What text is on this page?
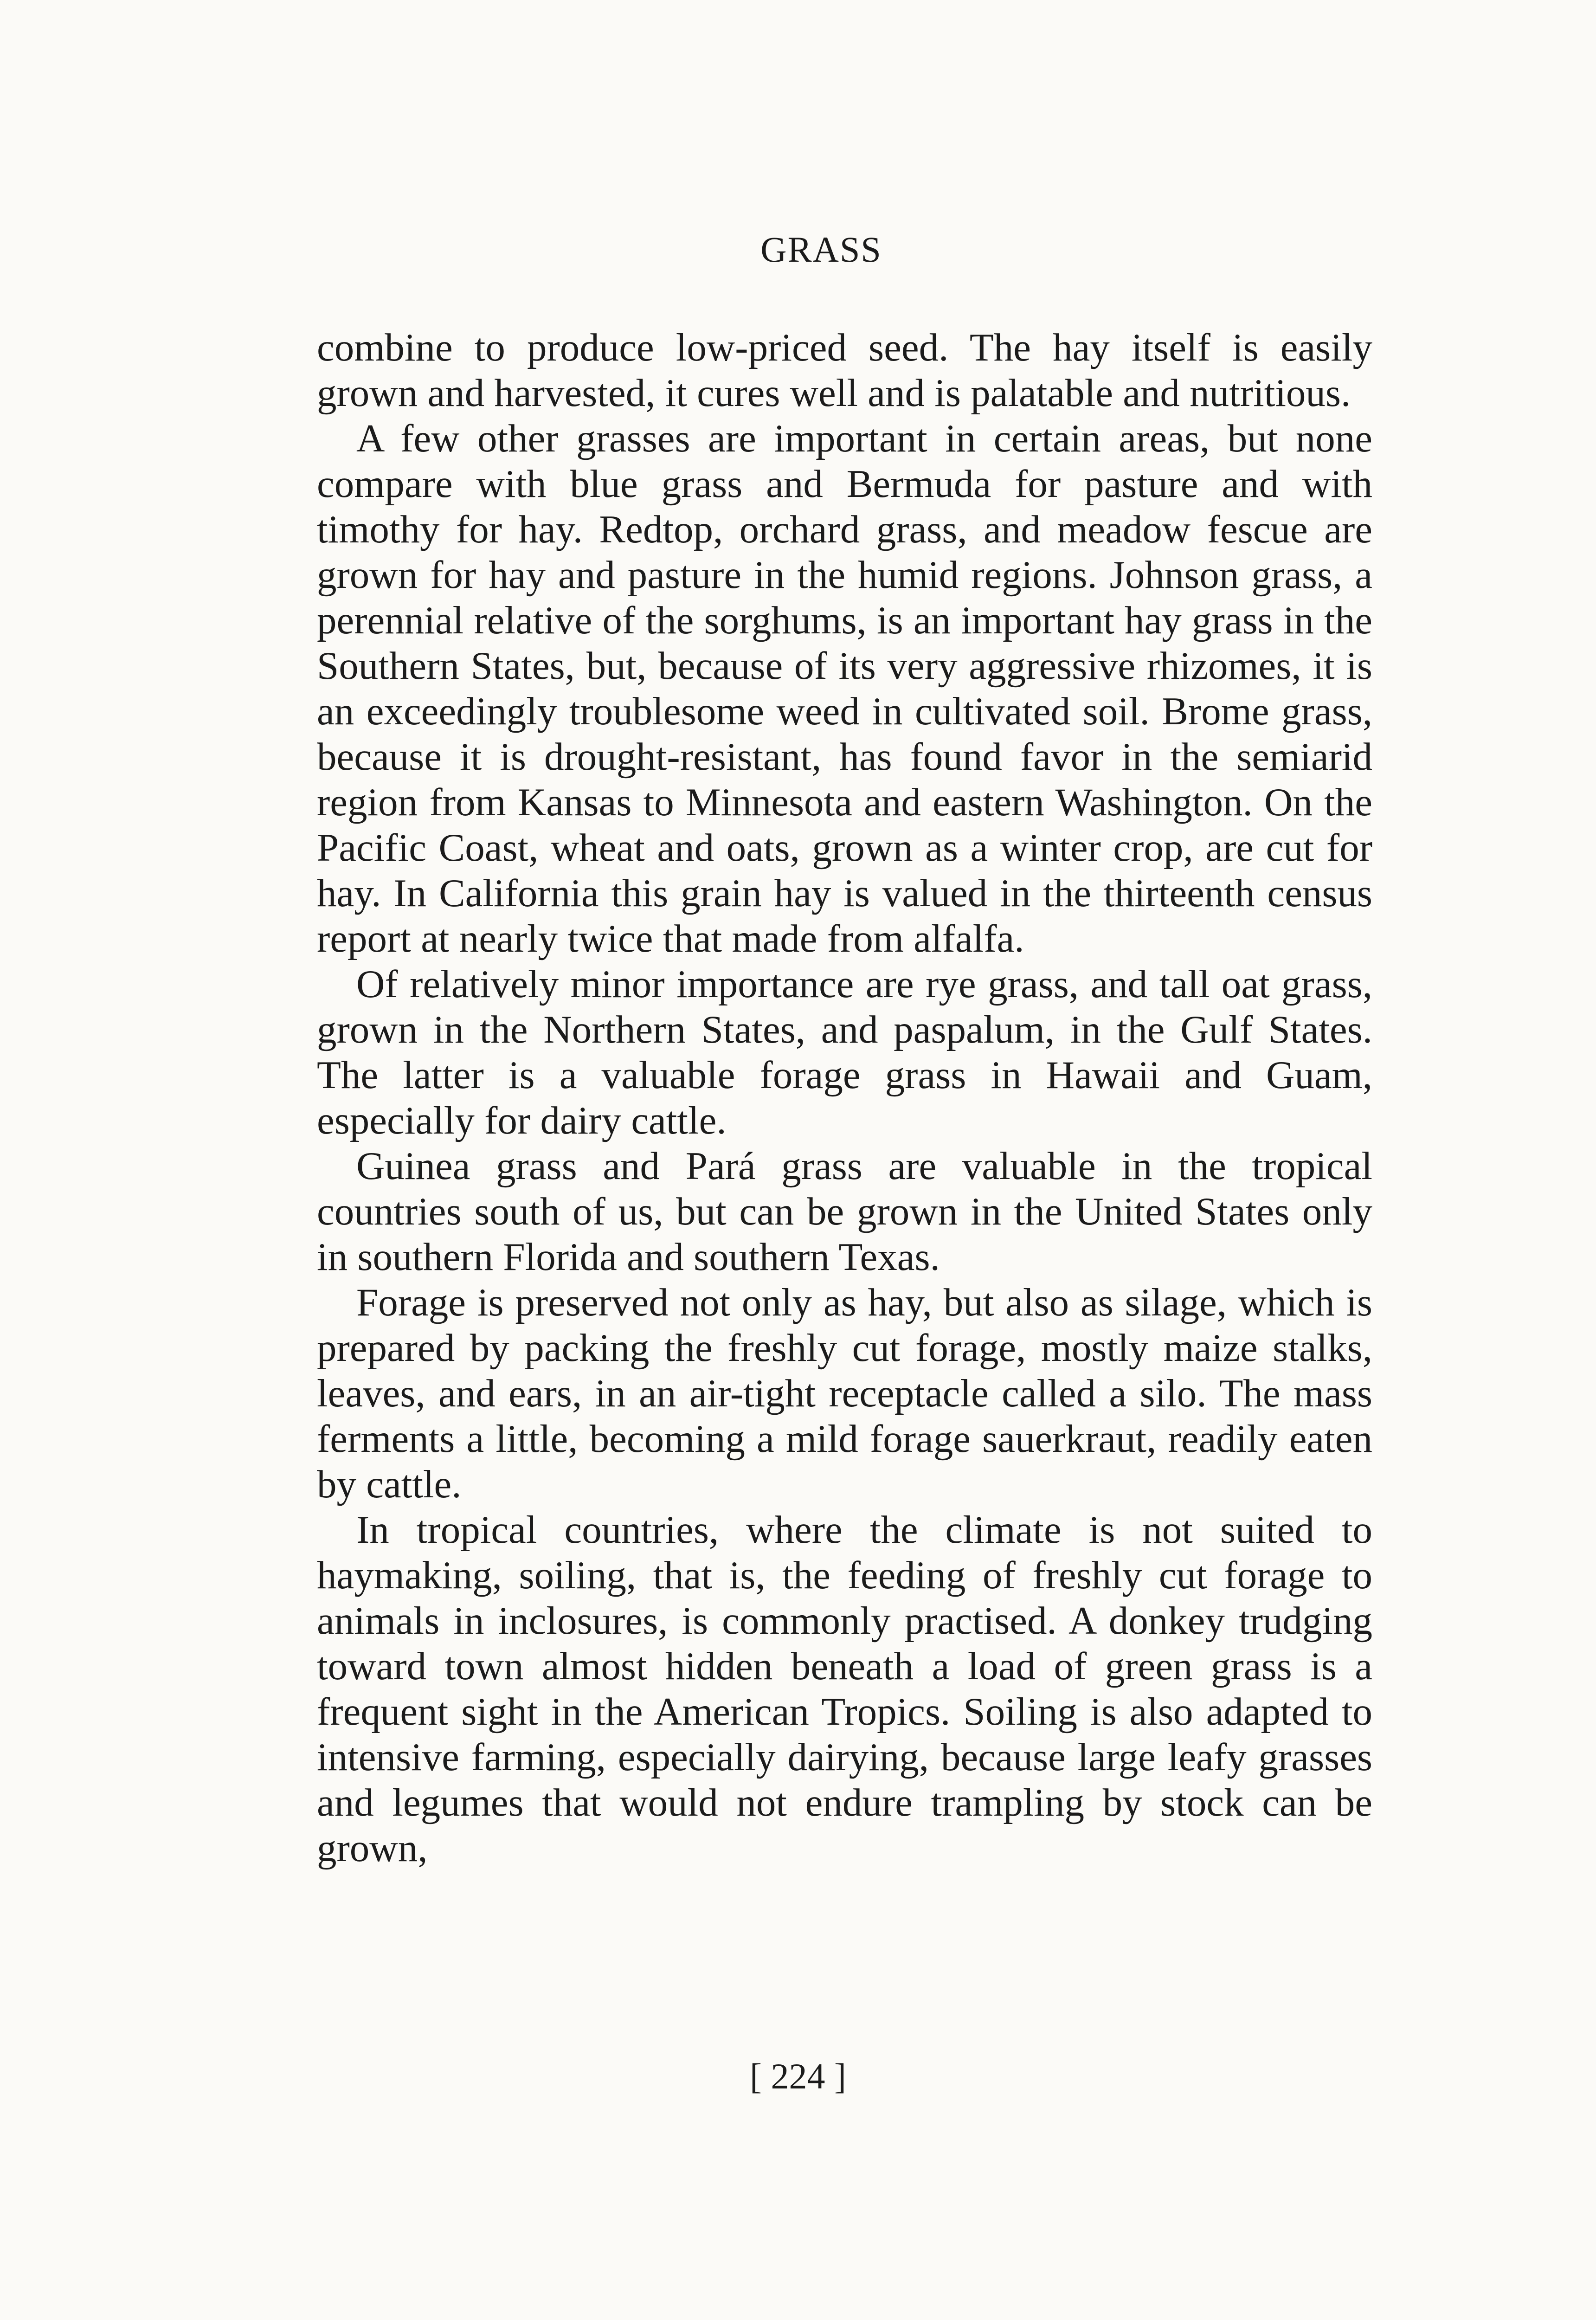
GRASS

combine to produce low-priced seed. The hay itself is easily grown and harvested, it cures well and is palatable and nutritious.

A few other grasses are important in certain areas, but none compare with blue grass and Bermuda for pasture and with timothy for hay. Redtop, orchard grass, and meadow fescue are grown for hay and pasture in the humid regions. Johnson grass, a perennial relative of the sorghums, is an important hay grass in the Southern States, but, because of its very aggressive rhizomes, it is an exceedingly troublesome weed in cultivated soil. Brome grass, because it is drought-resistant, has found favor in the semiarid region from Kansas to Minnesota and eastern Washington. On the Pacific Coast, wheat and oats, grown as a winter crop, are cut for hay. In California this grain hay is valued in the thirteenth census report at nearly twice that made from alfalfa.

Of relatively minor importance are rye grass, and tall oat grass, grown in the Northern States, and paspalum, in the Gulf States. The latter is a valuable forage grass in Hawaii and Guam, especially for dairy cattle.

Guinea grass and Pará grass are valuable in the tropical countries south of us, but can be grown in the United States only in southern Florida and southern Texas.

Forage is preserved not only as hay, but also as silage, which is prepared by packing the freshly cut forage, mostly maize stalks, leaves, and ears, in an air-tight receptacle called a silo. The mass ferments a little, becoming a mild forage sauerkraut, readily eaten by cattle.

In tropical countries, where the climate is not suited to haymaking, soiling, that is, the feeding of freshly cut forage to animals in inclosures, is commonly practised. A donkey trudging toward town almost hidden beneath a load of green grass is a frequent sight in the American Tropics. Soiling is also adapted to intensive farming, especially dairying, because large leafy grasses and legumes that would not endure trampling by stock can be grown,

[ 224 ]
